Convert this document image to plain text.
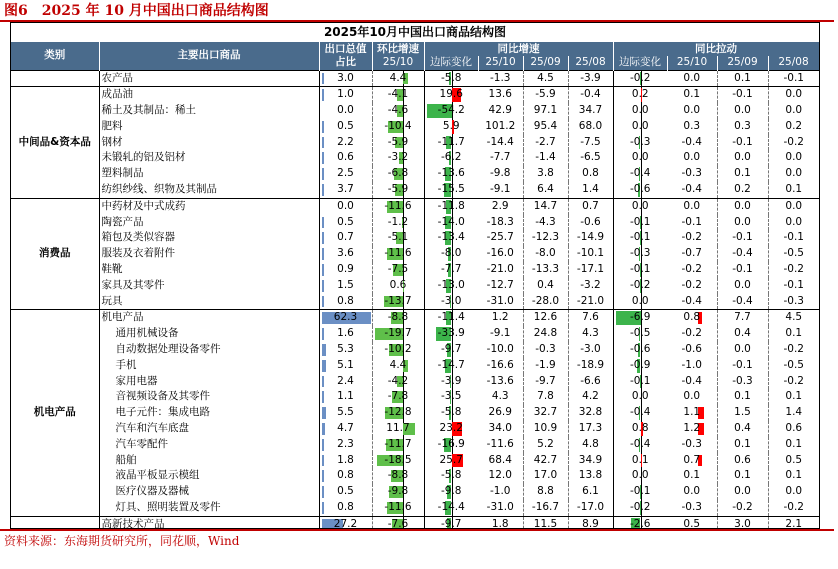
图6　2025 年 10 月中国出口商品结构图
2025年10月中国出口商品结构图
类别	主要出口商品	出口总值占比	环比增速	同比增速				同比拉动			
			25/10	边际变化	25/10	25/09	25/08	边际变化	25/10	25/09	25/08
	农产品	3.0	4.4	-5.8	-1.3	4.5	-3.9	-0.2	0.0	0.1	-0.1
中间品&资本品	成品油	1.0	-4.1	19.6	13.6	-5.9	-0.4	0.2	0.1	-0.1	0.0
	稀土及其制品：稀土	0.0	-4.6	-54.2	42.9	97.1	34.7	0.0	0.0	0.0	0.0
	肥料	0.5	-10.4	5.9	101.2	95.4	68.0	0.0	0.3	0.3	0.2
	钢材	2.2	-5.9	-11.7	-14.4	-2.7	-7.5	-0.3	-0.4	-0.1	-0.2
	未锻轧的铝及铝材	0.6	-3.2	-6.2	-7.7	-1.4	-6.5	0.0	0.0	0.0	0.0
	塑料制品	2.5	-6.8	-13.6	-9.8	3.8	0.8	-0.4	-0.3	0.1	0.0
	纺织纱线、织物及其制品	3.7	-5.9	-15.5	-9.1	6.4	1.4	-0.6	-0.4	0.2	0.1
消费品	中药材及中式成药	0.0	-11.6	-11.8	2.9	14.7	0.7	0.0	0.0	0.0	0.0
	陶瓷产品	0.5	-1.2	-14.0	-18.3	-4.3	-0.6	-0.1	-0.1	0.0	0.0
	箱包及类似容器	0.7	-5.1	-13.4	-25.7	-12.3	-14.9	-0.1	-0.2	-0.1	-0.1
	服装及衣着附件	3.6	-11.6	-8.0	-16.0	-8.0	-10.1	-0.3	-0.7	-0.4	-0.5
	鞋靴	0.9	-7.5	-7.7	-21.0	-13.3	-17.1	-0.1	-0.2	-0.1	-0.2
	家具及其零件	1.5	0.6	-13.0	-12.7	0.4	-3.2	-0.2	-0.2	0.0	-0.1
	玩具	0.8	-13.7	-3.0	-31.0	-28.0	-21.0	0.0	-0.4	-0.4	-0.3
机电产品	机电产品	62.3	-8.8	-11.4	1.2	12.6	7.6	-6.9	0.8	7.7	4.5
	通用机械设备	1.6	-19.7	-33.9	-9.1	24.8	4.3	-0.5	-0.2	0.4	0.1
	自动数据处理设备零件	5.3	-10.2	-9.7	-10.0	-0.3	-3.0	-0.6	-0.6	0.0	-0.2
	手机	5.1	4.4	-14.7	-16.6	-1.9	-18.9	-0.9	-1.0	-0.1	-0.5
	家用电器	2.4	-4.2	-3.9	-13.6	-9.7	-6.6	-0.1	-0.4	-0.3	-0.2
	音视频设备及其零件	1.1	-7.8	-3.5	4.3	7.8	4.2	0.0	0.0	0.1	0.1
	电子元件：集成电路	5.5	-12.8	-5.8	26.9	32.7	32.8	-0.4	1.1	1.5	1.4
	汽车和汽车底盘	4.7	11.7	23.2	34.0	10.9	17.3	0.8	1.2	0.4	0.6
	汽车零配件	2.3	-11.7	-16.9	-11.6	5.2	4.8	-0.4	-0.3	0.1	0.1
	船舶	1.8	-18.5	25.7	68.4	42.7	34.9	0.1	0.7	0.6	0.5
	液晶平板显示模组	0.8	-8.8	-5.8	12.0	17.0	13.8	0.0	0.1	0.1	0.1
	医疗仪器及器械	0.5	-9.8	-9.8	-1.0	8.8	6.1	-0.1	0.0	0.0	0.0
	灯具、照明装置及零件	0.8	-11.6	-14.4	-31.0	-16.7	-17.0	-0.2	-0.3	-0.2	-0.2
	高新技术产品	27.2	-7.6	-9.7	1.8	11.5	8.9	-2.6	0.5	3.0	2.1
资料来源：东海期货研究所，同花顺，Wind
